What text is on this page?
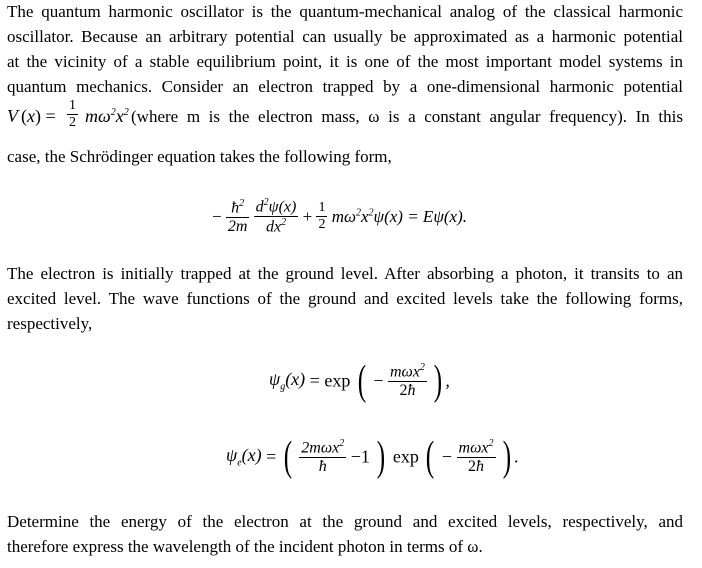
The quantum harmonic oscillator is the quantum-mechanical analog of the classical harmonic
oscillator. Because an arbitrary potential can usually be approximated as a harmonic potential
at the vicinity of a stable equilibrium point, it is one of the most important model systems in
quantum mechanics. Consider an electron trapped by a one-dimensional harmonic potential
V $(x) = \frac{1}{2} m\omega^2x^2$ (where m is the electron mass, ω is a constant angular frequency). In this
case, the Schrödinger equation takes the following form,
− $\frac{ħ^2}{2m}$
$\frac{d^2\psi(x)}{dx^2} + \frac{1}{2} m\omega^2x^2\psi(x) = E\psi(x)$.
The electron is initially trapped at the ground level. After absorbing a photon, it transits to an
excited level. The wave functions of the ground and excited levels take the following forms,
respectively,
$\psi_g(x) = \exp$ ( − $\frac{m\omega x^2}{2ħ}$ ) ,
$\psi_e(x)$ = ( $\frac{2m\omega x^2}{ħ} -1$ ) exp ( − $\frac{m\omega x^2}{2ħ}$ ) .
Determine the energy of the electron at the ground and excited levels, respectively, and
therefore express the wavelength of the incident photon in terms of ω.
